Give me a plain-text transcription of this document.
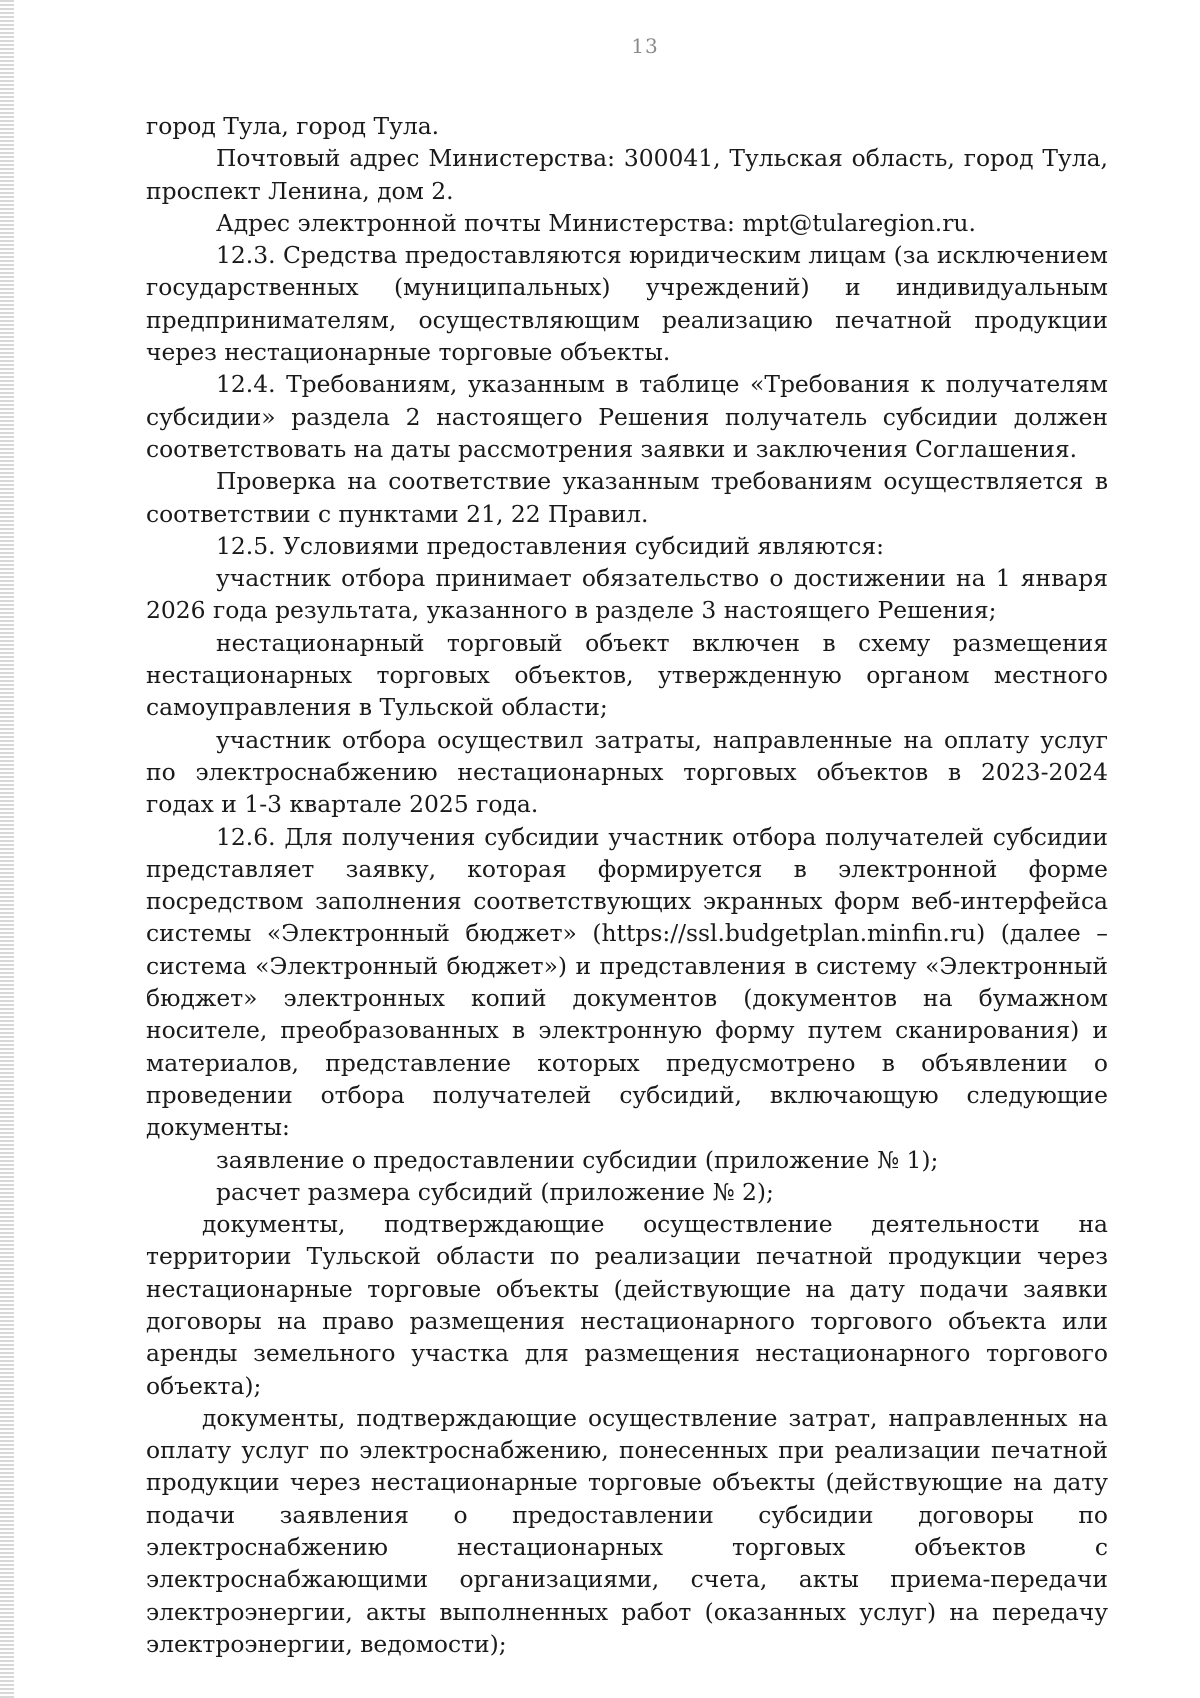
13

город Тула, город Тула.

Почтовый адрес Министерства: 300041, Тульская область, город Тула, проспект Ленина, дом 2.

Адрес электронной почты Министерства: mpt@tularegion.ru.

12.3. Средства предоставляются юридическим лицам (за исключением государственных (муниципальных) учреждений) и индивидуальным предпринимателям, осуществляющим реализацию печатной продукции через нестационарные торговые объекты.

12.4. Требованиям, указанным в таблице «Требования к получателям субсидии» раздела 2 настоящего Решения получатель субсидии должен соответствовать на даты рассмотрения заявки и заключения Соглашения.

Проверка на соответствие указанным требованиям осуществляется в соответствии с пунктами 21, 22 Правил.

12.5. Условиями предоставления субсидий являются:

участник отбора принимает обязательство о достижении на 1 января 2026 года результата, указанного в разделе 3 настоящего Решения;

нестационарный торговый объект включен в схему размещения нестационарных торговых объектов, утвержденную органом местного самоуправления в Тульской области;

участник отбора осуществил затраты, направленные на оплату услуг по электроснабжению нестационарных торговых объектов в 2023-2024 годах и 1-3 квартале 2025 года.

12.6. Для получения субсидии участник отбора получателей субсидии представляет заявку, которая формируется в электронной форме посредством заполнения соответствующих экранных форм веб-интерфейса системы «Электронный бюджет» (https://ssl.budgetplan.minfin.ru) (далее – система «Электронный бюджет») и представления в систему «Электронный бюджет» электронных копий документов (документов на бумажном носителе, преобразованных в электронную форму путем сканирования) и материалов, представление которых предусмотрено в объявлении о проведении отбора получателей субсидий, включающую следующие документы:

заявление о предоставлении субсидии (приложение № 1);

расчет размера субсидий (приложение № 2);

документы, подтверждающие осуществление деятельности на территории Тульской области по реализации печатной продукции через нестационарные торговые объекты (действующие на дату подачи заявки договоры на право размещения нестационарного торгового объекта или аренды земельного участка для размещения нестационарного торгового объекта);

документы, подтверждающие осуществление затрат, направленных на оплату услуг по электроснабжению, понесенных при реализации печатной продукции через нестационарные торговые объекты (действующие на дату подачи заявления о предоставлении субсидии договоры по электроснабжению нестационарных торговых объектов с электроснабжающими организациями, счета, акты приема-передачи электроэнергии, акты выполненных работ (оказанных услуг) на передачу электроэнергии, ведомости);
